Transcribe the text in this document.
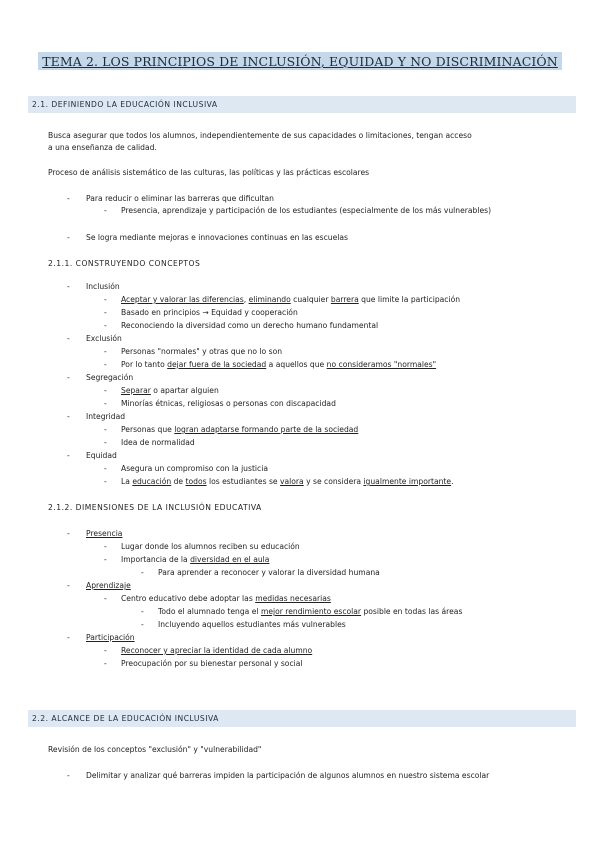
TEMA 2. LOS PRINCIPIOS DE INCLUSIÓN, EQUIDAD Y NO DISCRIMINACIÓN
2.1. DEFINIENDO LA EDUCACIÓN INCLUSIVA
Busca asegurar que todos los alumnos, independientemente de sus capacidades o limitaciones, tengan acceso
a una enseñanza de calidad.
Proceso de análisis sistemático de las culturas, las políticas y las prácticas escolares
- Para reducir o eliminar las barreras que dificultan
- Presencia, aprendizaje y participación de los estudiantes (especialmente de los más vulnerables)
- Se logra mediante mejoras e innovaciones continuas en las escuelas
2.1.1. CONSTRUYENDO CONCEPTOS
- Inclusión
- Aceptar y valorar las diferencias, eliminando cualquier barrera que limite la participación
- Basado en principios → Equidad y cooperación
- Reconociendo la diversidad como un derecho humano fundamental
- Exclusión
- Personas "normales" y otras que no lo son
- Por lo tanto dejar fuera de la sociedad a aquellos que no consideramos "normales"
- Segregación
- Separar o apartar alguien
- Minorías étnicas, religiosas o personas con discapacidad
- Integridad
- Personas que logran adaptarse formando parte de la sociedad
- Idea de normalidad
- Equidad
- Asegura un compromiso con la justicia
- La educación de todos los estudiantes se valora y se considera igualmente importante.
2.1.2. DIMENSIONES DE LA INCLUSIÓN EDUCATIVA
- Presencia
- Lugar donde los alumnos reciben su educación
- Importancia de la diversidad en el aula
- Para aprender a reconocer y valorar la diversidad humana
- Aprendizaje
- Centro educativo debe adoptar las medidas necesarias
- Todo el alumnado tenga el mejor rendimiento escolar posible en todas las áreas
- Incluyendo aquellos estudiantes más vulnerables
- Participación
- Reconocer y apreciar la identidad de cada alumno
- Preocupación por su bienestar personal y social
2.2. ALCANCE DE LA EDUCACIÓN INCLUSIVA
Revisión de los conceptos "exclusión" y "vulnerabilidad"
- Delimitar y analizar qué barreras impiden la participación de algunos alumnos en nuestro sistema escolar
